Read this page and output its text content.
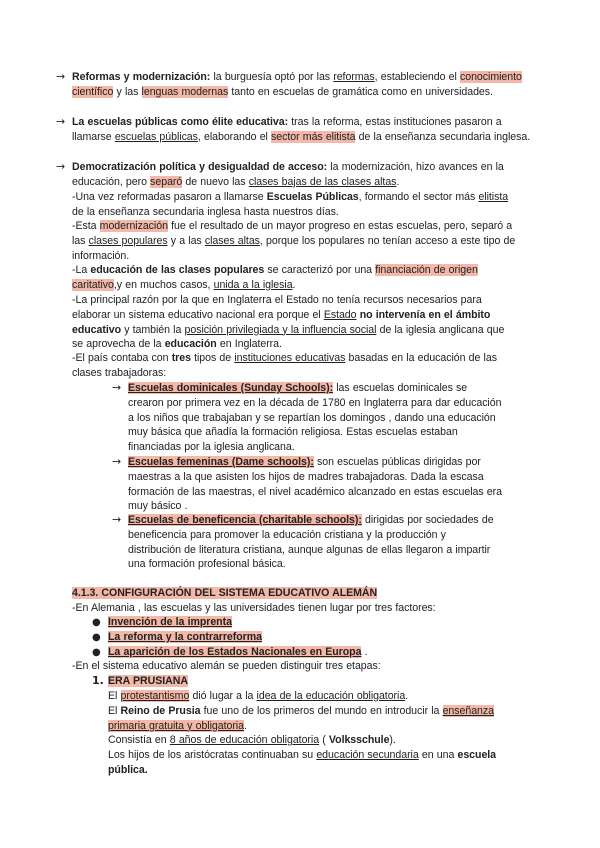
→ Reformas y modernización: la burguesía optó por las reformas, estableciendo el conocimiento científico y las lenguas modernas tanto en escuelas de gramática como en universidades.
→ La escuelas públicas como élite educativa: tras la reforma, estas instituciones pasaron a llamarse escuelas públicas, elaborando el sector más elitista de la enseñanza secundaria inglesa.
→ Democratización política y desigualdad de acceso: la modernización, hizo avances en la educación, pero separó de nuevo las clases bajas de las clases altas.
-Una vez reformadas pasaron a llamarse Escuelas Públicas, formando el sector más elitista de la enseñanza secundaria inglesa hasta nuestros días.
-Esta modernización fue el resultado de un mayor progreso en estas escuelas, pero, separó a las clases populares y a las clases altas, porque los populares no tenían acceso a este tipo de información.
-La educación de las clases populares se caracterizó por una financiación de origen caritativo,y en muchos casos, unida a la iglesia.
-La principal razón por la que en Inglaterra el Estado no tenía recursos necesarios para elaborar un sistema educativo nacional era porque el Estado no intervenía en el ámbito educativo y también la posición privilegiada y la influencia social de la iglesia anglicana que se aprovecha de la educación en Inglaterra.
-El país contaba con tres tipos de instituciones educativas basadas en la educación de las clases trabajadoras:
→ Escuelas dominicales (Sunday Schools): las escuelas dominicales se crearon por primera vez en la década de 1780 en Inglaterra para dar educación a los niños que trabajaban y se repartían los domingos , dando una educación muy básica que añadía la formación religiosa. Estas escuelas estaban financiadas por la iglesia anglicana.
→ Escuelas femeninas (Dame schools): son escuelas públicas dirigidas por maestras a la que asisten los hijos de madres trabajadoras. Dada la escasa formación de las maestras, el nivel académico alcanzado en estas escuelas era muy básico .
→ Escuelas de beneficencia (charitable schools): dirigidas por sociedades de beneficencia para promover la educación cristiana y la producción y distribución de literatura cristiana, aunque algunas de ellas llegaron a impartir una formación profesional básica.
4.1.3. CONFIGURACIÓN DEL SISTEMA EDUCATIVO ALEMÁN
-En Alemania , las escuelas y las universidades tienen lugar por tres factores:
● Invención de la imprenta
● La reforma y la contrarreforma
● La aparición de los Estados Nacionales en Europa .
-En el sistema educativo alemán se pueden distinguir tres etapas:
1. ERA PRUSIANA
El protestantismo dió lugar a la idea de la educación obligatoria.
El Reino de Prusia fue uno de los primeros del mundo en introducir la enseñanza primaria gratuita y obligatoria.
Consistía en 8 años de educación obligatoria ( Volksschule).
Los hijos de los aristócratas continuaban su educación secundaria en una escuela pública.
